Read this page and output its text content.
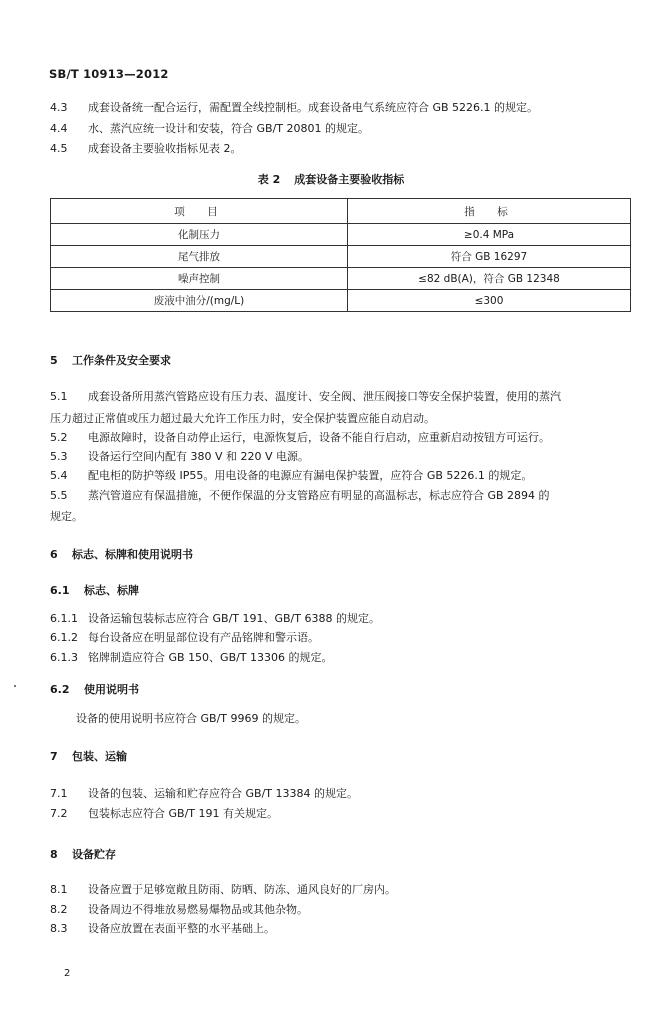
SB/T 10913—2012
4.3 成套设备统一配合运行，需配置全线控制柜。成套设备电气系统应符合 GB 5226.1 的规定。
4.4 水、蒸汽应统一设计和安装，符合 GB/T 20801 的规定。
4.5 成套设备主要验收指标见表 2。
表 2 成套设备主要验收指标
项　目	指　标
化制压力	≥0.4 MPa
尾气排放	符合 GB 16297
噪声控制	≤82 dB(A)，符合 GB 12348
废液中油分/(mg/L)	≤300
5 工作条件及安全要求
5.1 成套设备所用蒸汽管路应设有压力表、温度计、安全阀、泄压阀接口等安全保护装置，使用的蒸汽
压力超过正常值或压力超过最大允许工作压力时，安全保护装置应能自动启动。
5.2 电源故障时，设备自动停止运行，电源恢复后，设备不能自行启动，应重新启动按钮方可运行。
5.3 设备运行空间内配有 380 V 和 220 V 电源。
5.4 配电柜的防护等级 IP55。用电设备的电源应有漏电保护装置，应符合 GB 5226.1 的规定。
5.5 蒸汽管道应有保温措施，不便作保温的分支管路应有明显的高温标志，标志应符合 GB 2894 的
规定。
6 标志、标牌和使用说明书
6.1 标志、标牌
6.1.1 设备运输包装标志应符合 GB/T 191、GB/T 6388 的规定。
6.1.2 每台设备应在明显部位设有产品铭牌和警示语。
6.1.3 铭牌制造应符合 GB 150、GB/T 13306 的规定。
6.2 使用说明书
设备的使用说明书应符合 GB/T 9969 的规定。
7 包装、运输
7.1 设备的包装、运输和贮存应符合 GB/T 13384 的规定。
7.2 包装标志应符合 GB/T 191 有关规定。
8 设备贮存
8.1 设备应置于足够宽敞且防雨、防晒、防冻、通风良好的厂房内。
8.2 设备周边不得堆放易燃易爆物品或其他杂物。
8.3 设备应放置在表面平整的水平基础上。
2
